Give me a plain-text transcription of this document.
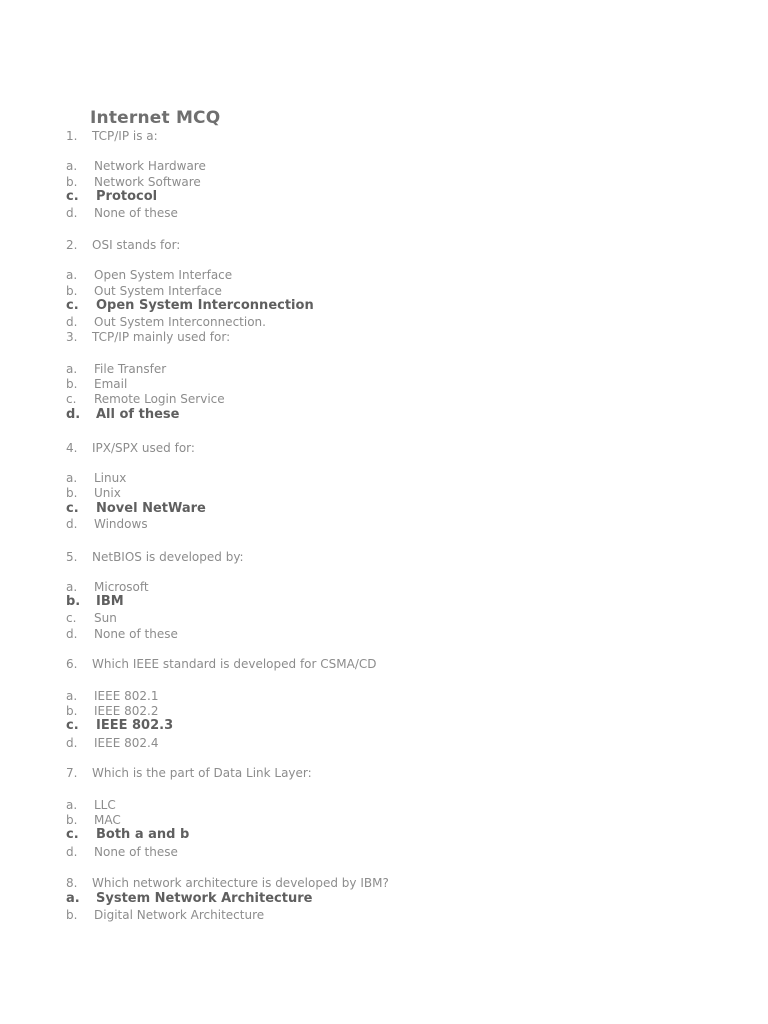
Internet MCQ
1. TCP/IP is a:
a. Network Hardware
b. Network Software
c. Protocol
d. None of these
2. OSI stands for:
a. Open System Interface
b. Out System Interface
c. Open System Interconnection
d. Out System Interconnection.
3. TCP/IP mainly used for:
a. File Transfer
b. Email
c. Remote Login Service
d. All of these
4. IPX/SPX used for:
a. Linux
b. Unix
c. Novel NetWare
d. Windows
5. NetBIOS is developed by:
a. Microsoft
b. IBM
c. Sun
d. None of these
6. Which IEEE standard is developed for CSMA/CD
a. IEEE 802.1
b. IEEE 802.2
c. IEEE 802.3
d. IEEE 802.4
7. Which is the part of Data Link Layer:
a. LLC
b. MAC
c. Both a and b
d. None of these
8. Which network architecture is developed by IBM?
a. System Network Architecture
b. Digital Network Architecture
